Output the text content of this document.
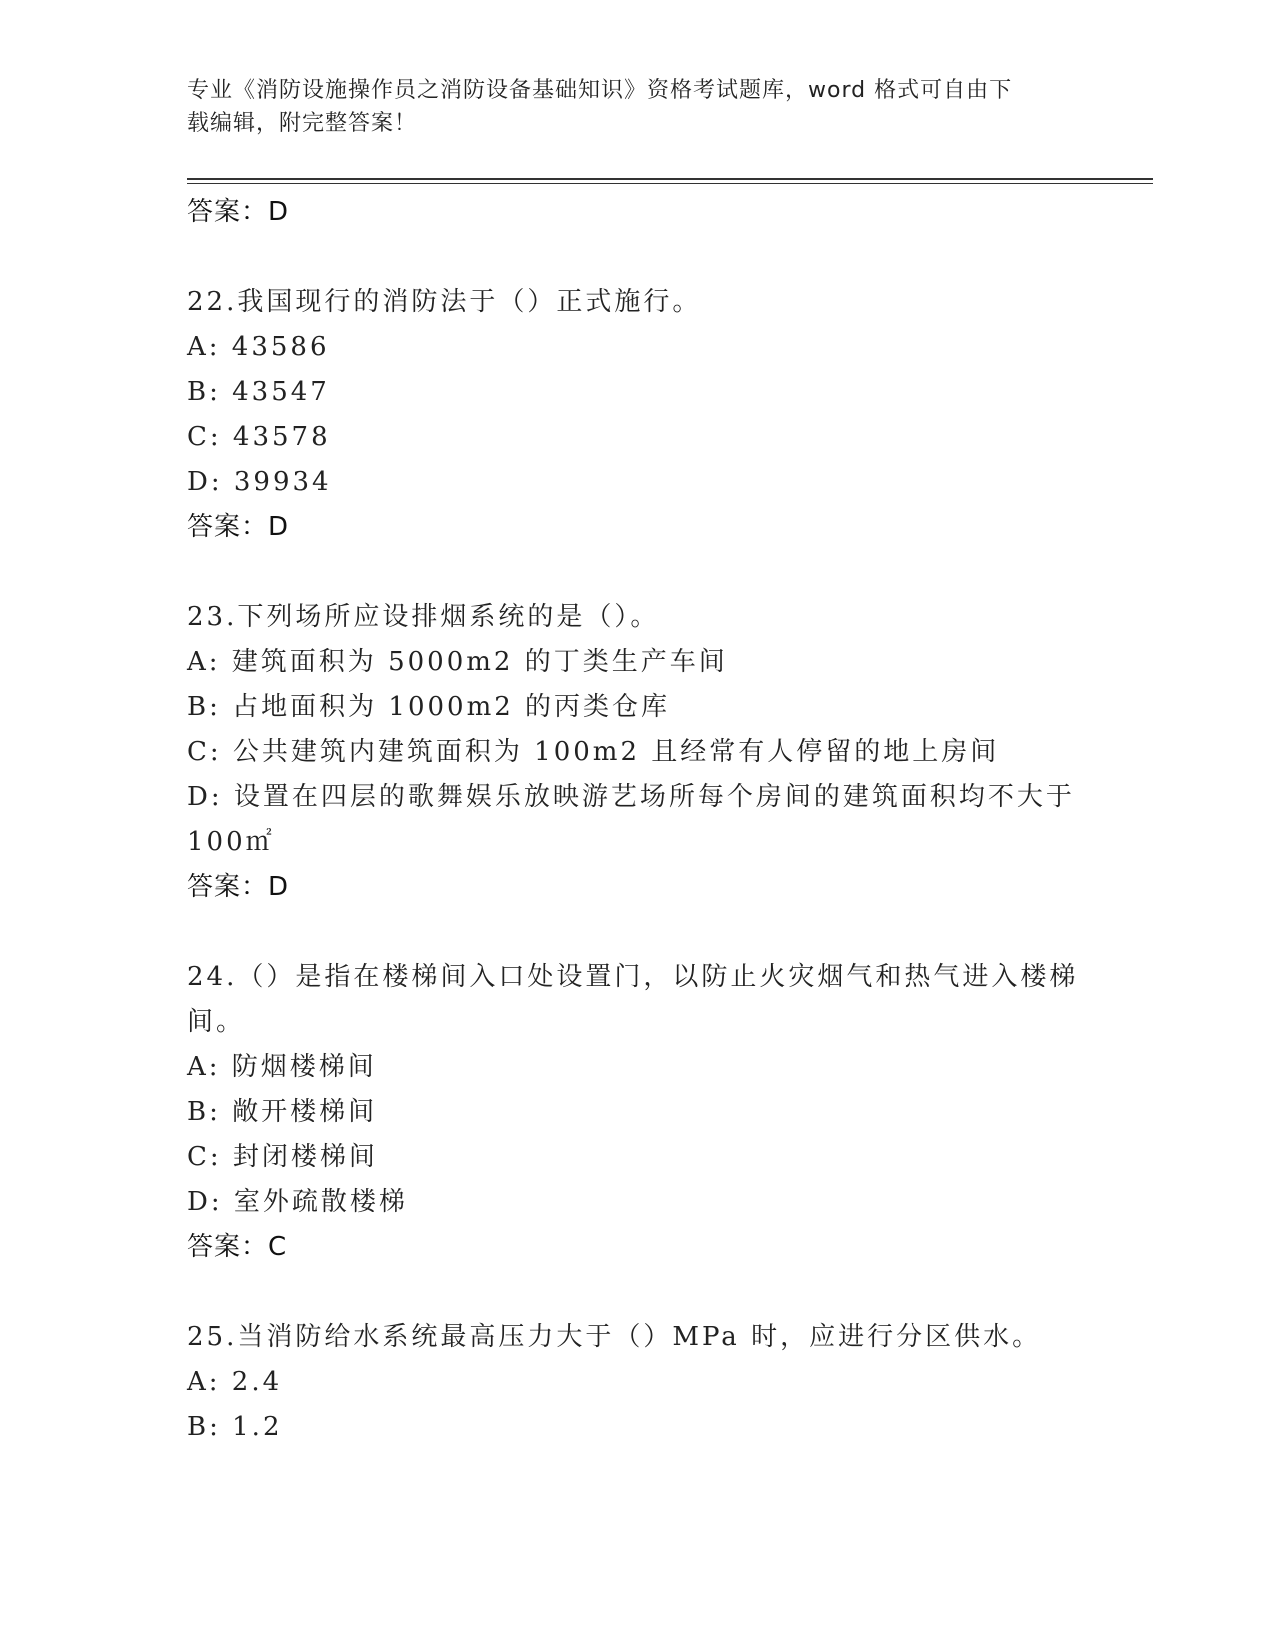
专业《消防设施操作员之消防设备基础知识》资格考试题库，word 格式可自由下
载编辑，附完整答案！
答案：D
22.我国现行的消防法于（）正式施行。
A: 43586
B: 43547
C: 43578
D: 39934
答案：D
23.下列场所应设排烟系统的是（）。
A: 建筑面积为 5000m2 的丁类生产车间
B: 占地面积为 1000m2 的丙类仓库
C: 公共建筑内建筑面积为 100m2 且经常有人停留的地上房间
D: 设置在四层的歌舞娱乐放映游艺场所每个房间的建筑面积均不大于 100㎡
答案：D
24.（）是指在楼梯间入口处设置门，以防止火灾烟气和热气进入楼梯间。
A: 防烟楼梯间
B: 敞开楼梯间
C: 封闭楼梯间
D: 室外疏散楼梯
答案：C
25.当消防给水系统最高压力大于（）MPa 时，应进行分区供水。
A: 2.4
B: 1.2
